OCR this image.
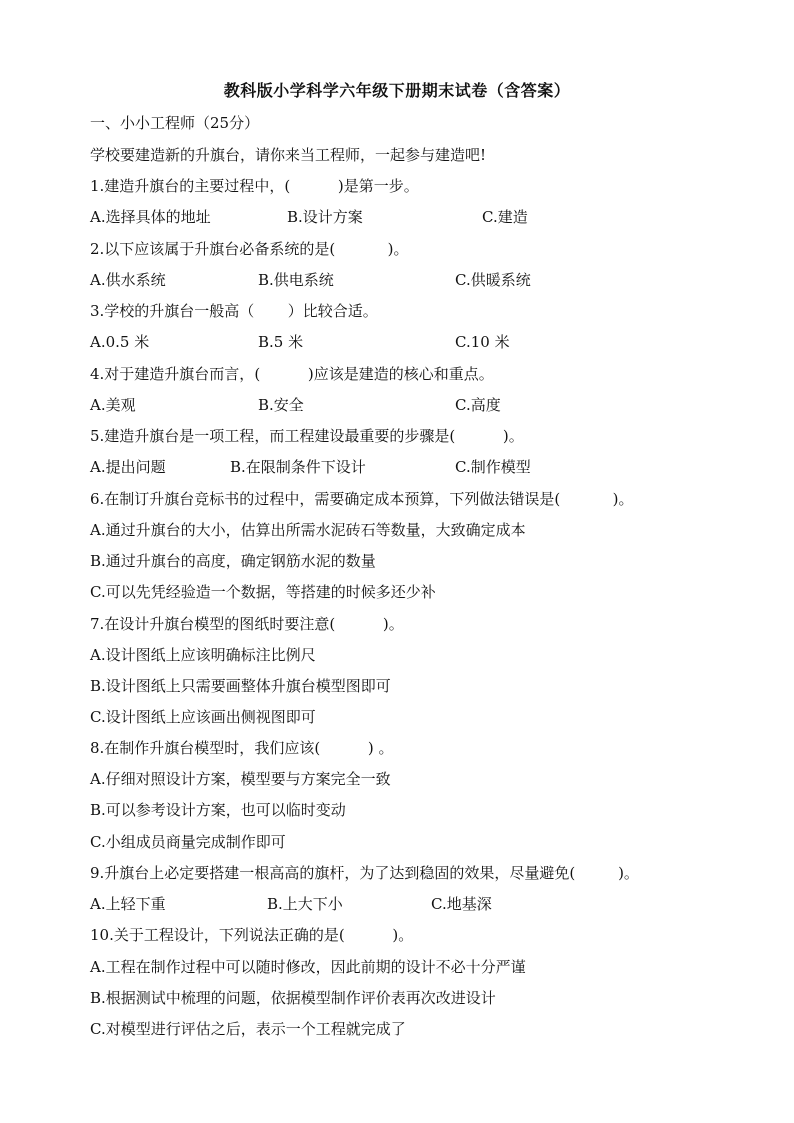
教科版小学科学六年级下册期末试卷（含答案）
一、小小工程师（25分）
学校要建造新的升旗台，请你来当工程师，一起参与建造吧!
1.建造升旗台的主要过程中，(          )是第一步。
A.选择具体的地址	B.设计方案	C.建造
2.以下应该属于升旗台必备系统的是(           )。
A.供水系统	B.供电系统	C.供暖系统
3.学校的升旗台一般高（       ）比较合适。
A.0.5 米	B.5 米	C.10 米
4.对于建造升旗台而言，(          )应该是建造的核心和重点。
A.美观	B.安全	C.高度
5.建造升旗台是一项工程，而工程建设最重要的步骤是(          )。
A.提出问题	B.在限制条件下设计	C.制作模型
6.在制订升旗台竞标书的过程中，需要确定成本预算，下列做法错误是(           )。
A.通过升旗台的大小，估算出所需水泥砖石等数量，大致确定成本
B.通过升旗台的高度，确定钢筋水泥的数量
C.可以先凭经验造一个数据，等搭建的时候多还少补
7.在设计升旗台模型的图纸时要注意(          )。
A.设计图纸上应该明确标注比例尺
B.设计图纸上只需要画整体升旗台模型图即可
C.设计图纸上应该画出侧视图即可
8.在制作升旗台模型时，我们应该(          ) 。
A.仔细对照设计方案，模型要与方案完全一致
B.可以参考设计方案，也可以临时变动
C.小组成员商量完成制作即可
9.升旗台上必定要搭建一根高高的旗杆，为了达到稳固的效果，尽量避免(         )。
A.上轻下重	B.上大下小	C.地基深
10.关于工程设计，下列说法正确的是(          )。
A.工程在制作过程中可以随时修改，因此前期的设计不必十分严谨
B.根据测试中梳理的问题，依据模型制作评价表再次改进设计
C.对模型进行评估之后，表示一个工程就完成了
